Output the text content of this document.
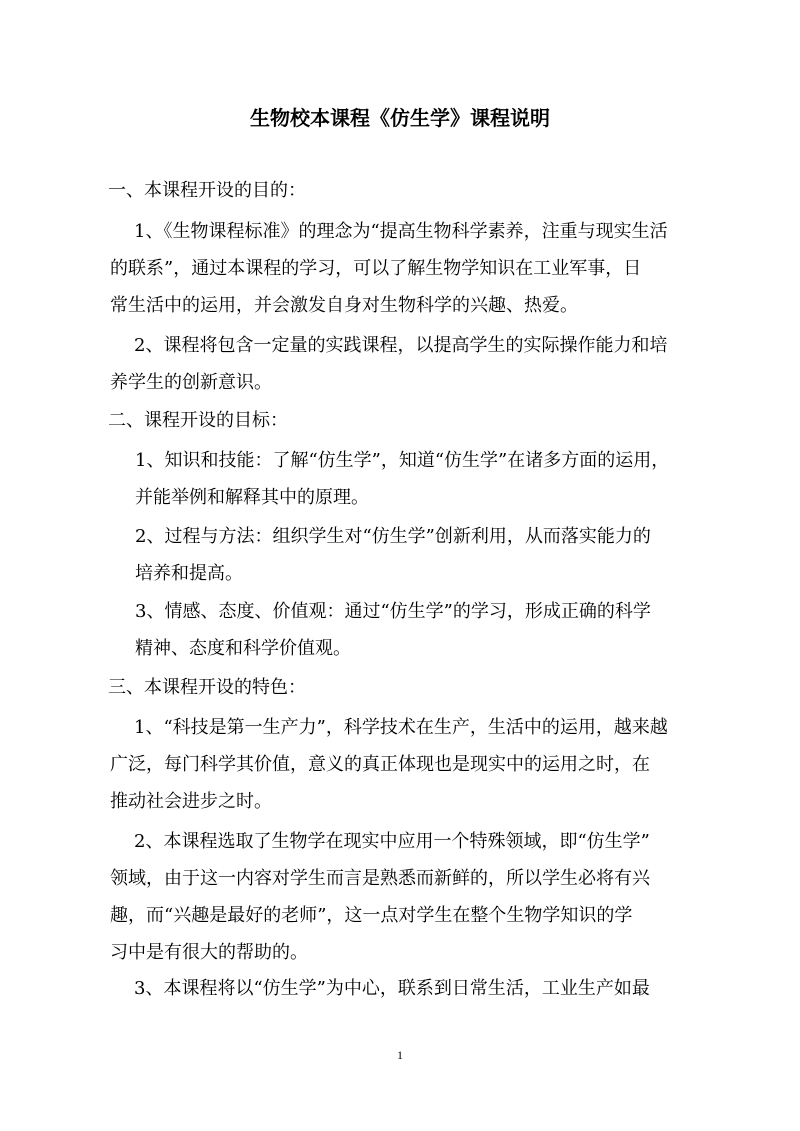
生物校本课程《仿生学》课程说明
一、本课程开设的目的：
1、《生物课程标准》的理念为“提高生物科学素养，注重与现实生活
的联系”，通过本课程的学习，可以了解生物学知识在工业军事，日
常生活中的运用，并会激发自身对生物科学的兴趣、热爱。
2、课程将包含一定量的实践课程，以提高学生的实际操作能力和培
养学生的创新意识。
二、课程开设的目标：
1、知识和技能：了解“仿生学”，知道“仿生学”在诸多方面的运用，
并能举例和解释其中的原理。
2、过程与方法：组织学生对“仿生学”创新利用，从而落实能力的
培养和提高。
3、情感、态度、价值观：通过“仿生学”的学习，形成正确的科学
精神、态度和科学价值观。
三、本课程开设的特色：
1、“科技是第一生产力”，科学技术在生产，生活中的运用，越来越
广泛，每门科学其价值，意义的真正体现也是现实中的运用之时，在
推动社会进步之时。
2、本课程选取了生物学在现实中应用一个特殊领域，即“仿生学”
领域，由于这一内容对学生而言是熟悉而新鲜的，所以学生必将有兴
趣，而“兴趣是最好的老师”，这一点对学生在整个生物学知识的学
习中是有很大的帮助的。
3、本课程将以“仿生学”为中心，联系到日常生活，工业生产如最
1
